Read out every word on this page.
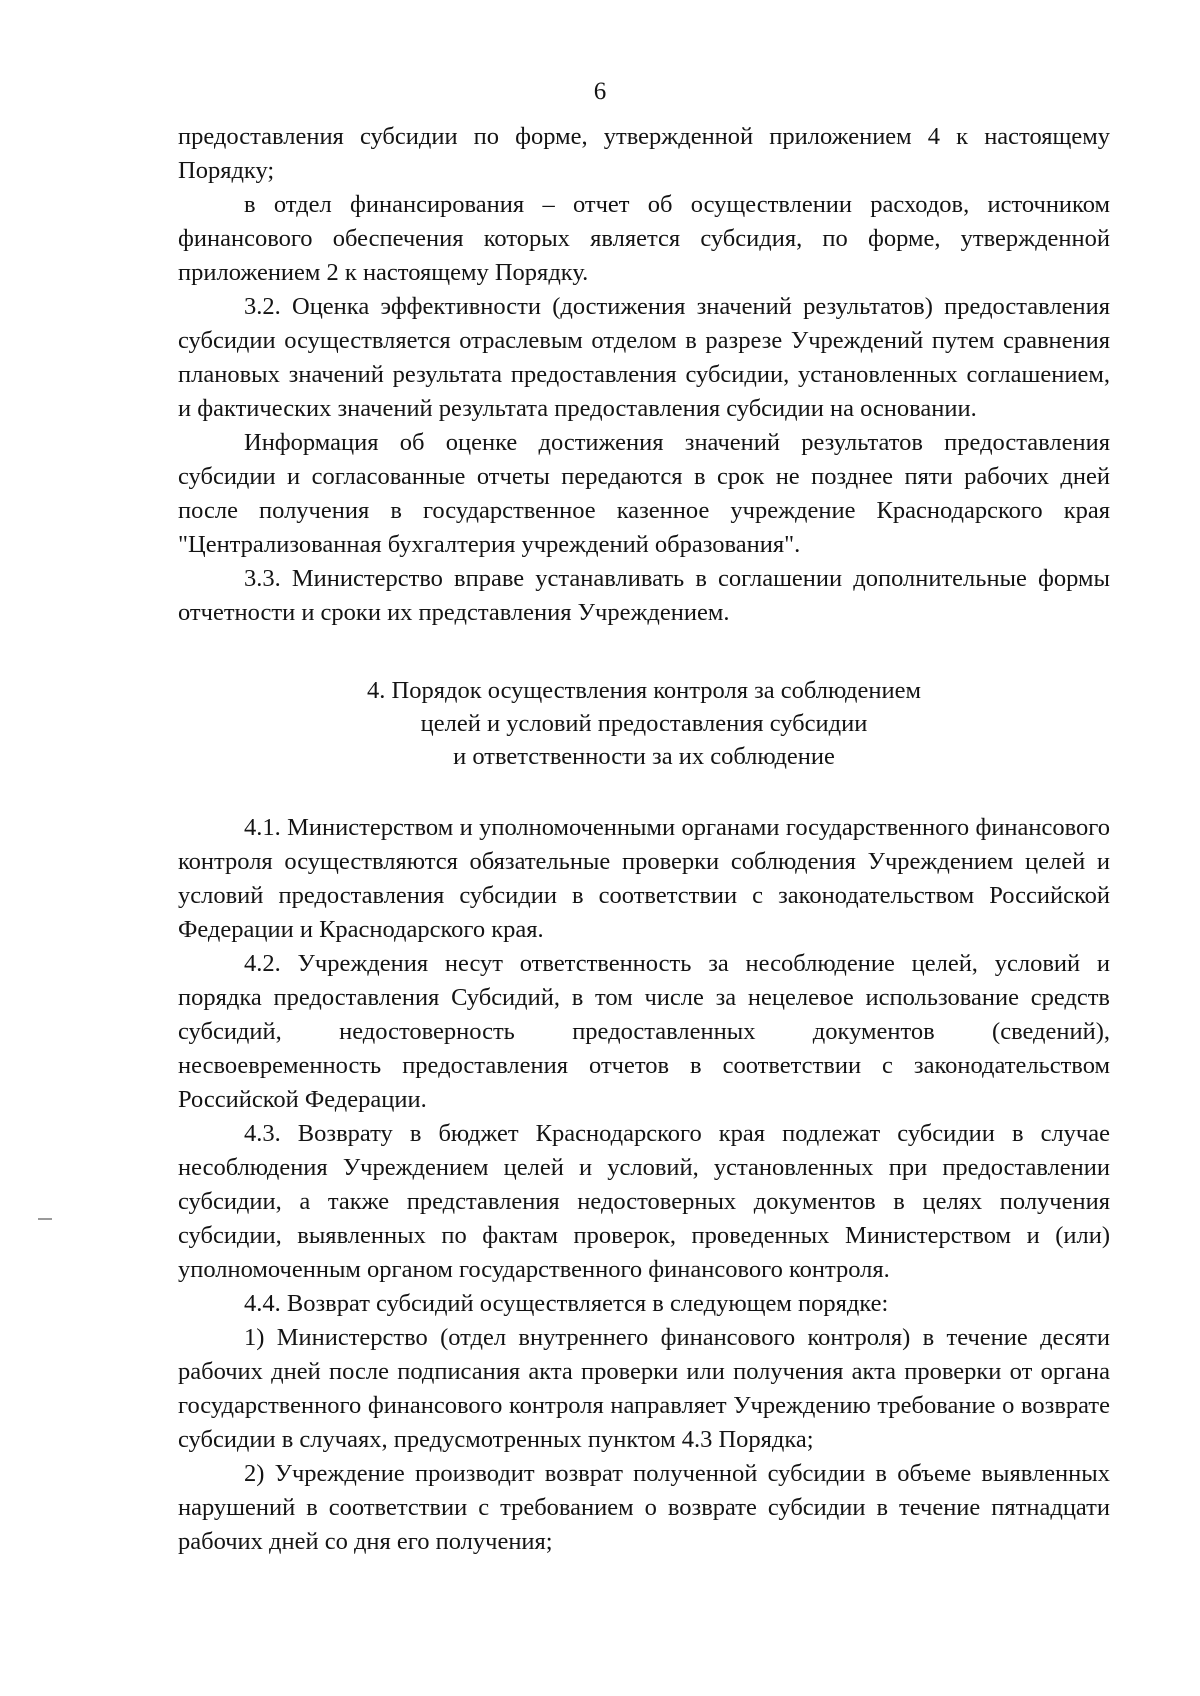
6

предоставления субсидии по форме, утвержденной приложением 4 к настоящему Порядку;

в отдел финансирования – отчет об осуществлении расходов, источником финансового обеспечения которых является субсидия, по форме, утвержденной приложением 2 к настоящему Порядку.

3.2. Оценка эффективности (достижения значений результатов) предоставления субсидии осуществляется отраслевым отделом в разрезе Учреждений путем сравнения плановых значений результата предоставления субсидии, установленных соглашением, и фактических значений результата предоставления субсидии на основании.

Информация об оценке достижения значений результатов предоставления субсидии и согласованные отчеты передаются в срок не позднее пяти рабочих дней после получения в государственное казенное учреждение Краснодарского края "Централизованная бухгалтерия учреждений образования".

3.3. Министерство вправе устанавливать в соглашении дополнительные формы отчетности и сроки их представления Учреждением.

4. Порядок осуществления контроля за соблюдением
целей и условий предоставления субсидии
и ответственности за их соблюдение

4.1. Министерством и уполномоченными органами государственного финансового контроля осуществляются обязательные проверки соблюдения Учреждением целей и условий предоставления субсидии в соответствии с законодательством Российской Федерации и Краснодарского края.

4.2. Учреждения несут ответственность за несоблюдение целей, условий и порядка предоставления Субсидий, в том числе за нецелевое использование средств субсидий, недостоверность предоставленных документов (сведений), несвоевременность предоставления отчетов в соответствии с законодательством Российской Федерации.

4.3. Возврату в бюджет Краснодарского края подлежат субсидии в случае несоблюдения Учреждением целей и условий, установленных при предоставлении субсидии, а также представления недостоверных документов в целях получения субсидии, выявленных по фактам проверок, проведенных Министерством и (или) уполномоченным органом государственного финансового контроля.

4.4. Возврат субсидий осуществляется в следующем порядке:

1) Министерство (отдел внутреннего финансового контроля) в течение десяти рабочих дней после подписания акта проверки или получения акта проверки от органа государственного финансового контроля направляет Учреждению требование о возврате субсидии в случаях, предусмотренных пунктом 4.3 Порядка;

2) Учреждение производит возврат полученной субсидии в объеме выявленных нарушений в соответствии с требованием о возврате субсидии в течение пятнадцати рабочих дней со дня его получения;
